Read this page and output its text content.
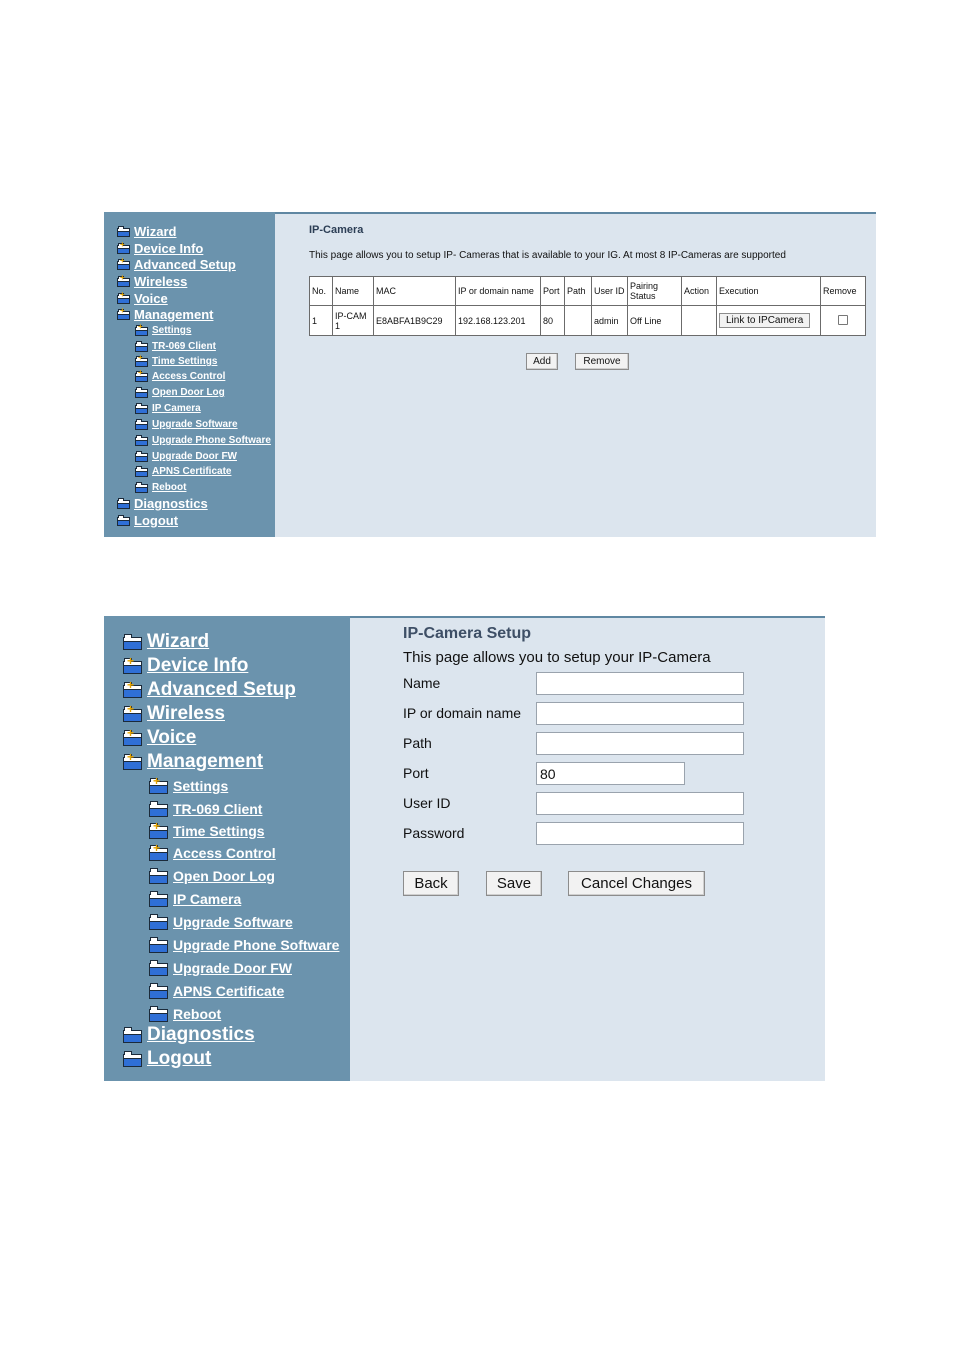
Wizard
+ Device Info
+ Advanced Setup
+ Wireless
+ Voice
+ Management
+ Settings
TR-069 Client
+ Time Settings
+ Access Control
Open Door Log
IP Camera
Upgrade Software
Upgrade Phone Software
Upgrade Door FW
APNS Certificate
Reboot
Diagnostics
Logout
IP-Camera
This page allows you to setup IP- Cameras that is available to your IG. At most 8 IP-Cameras are supported
No.	Name	MAC	IP or domain name	Port	Path	User ID	Pairing Status	Action	Execution	Remove
1	IP-CAM 1	E8ABFA1B9C29	192.168.123.201	80		admin	Off Line		Link to IPCamera	
Add	Remove
Wizard
+ Device Info
+ Advanced Setup
+ Wireless
+ Voice
+ Management
+ Settings
TR-069 Client
+ Time Settings
+ Access Control
Open Door Log
IP Camera
Upgrade Software
Upgrade Phone Software
Upgrade Door FW
APNS Certificate
Reboot
Diagnostics
Logout
IP-Camera Setup
This page allows you to setup your IP-Camera
Name
IP or domain name
Path
Port
80
User ID
Password
Back	Save	Cancel Changes
